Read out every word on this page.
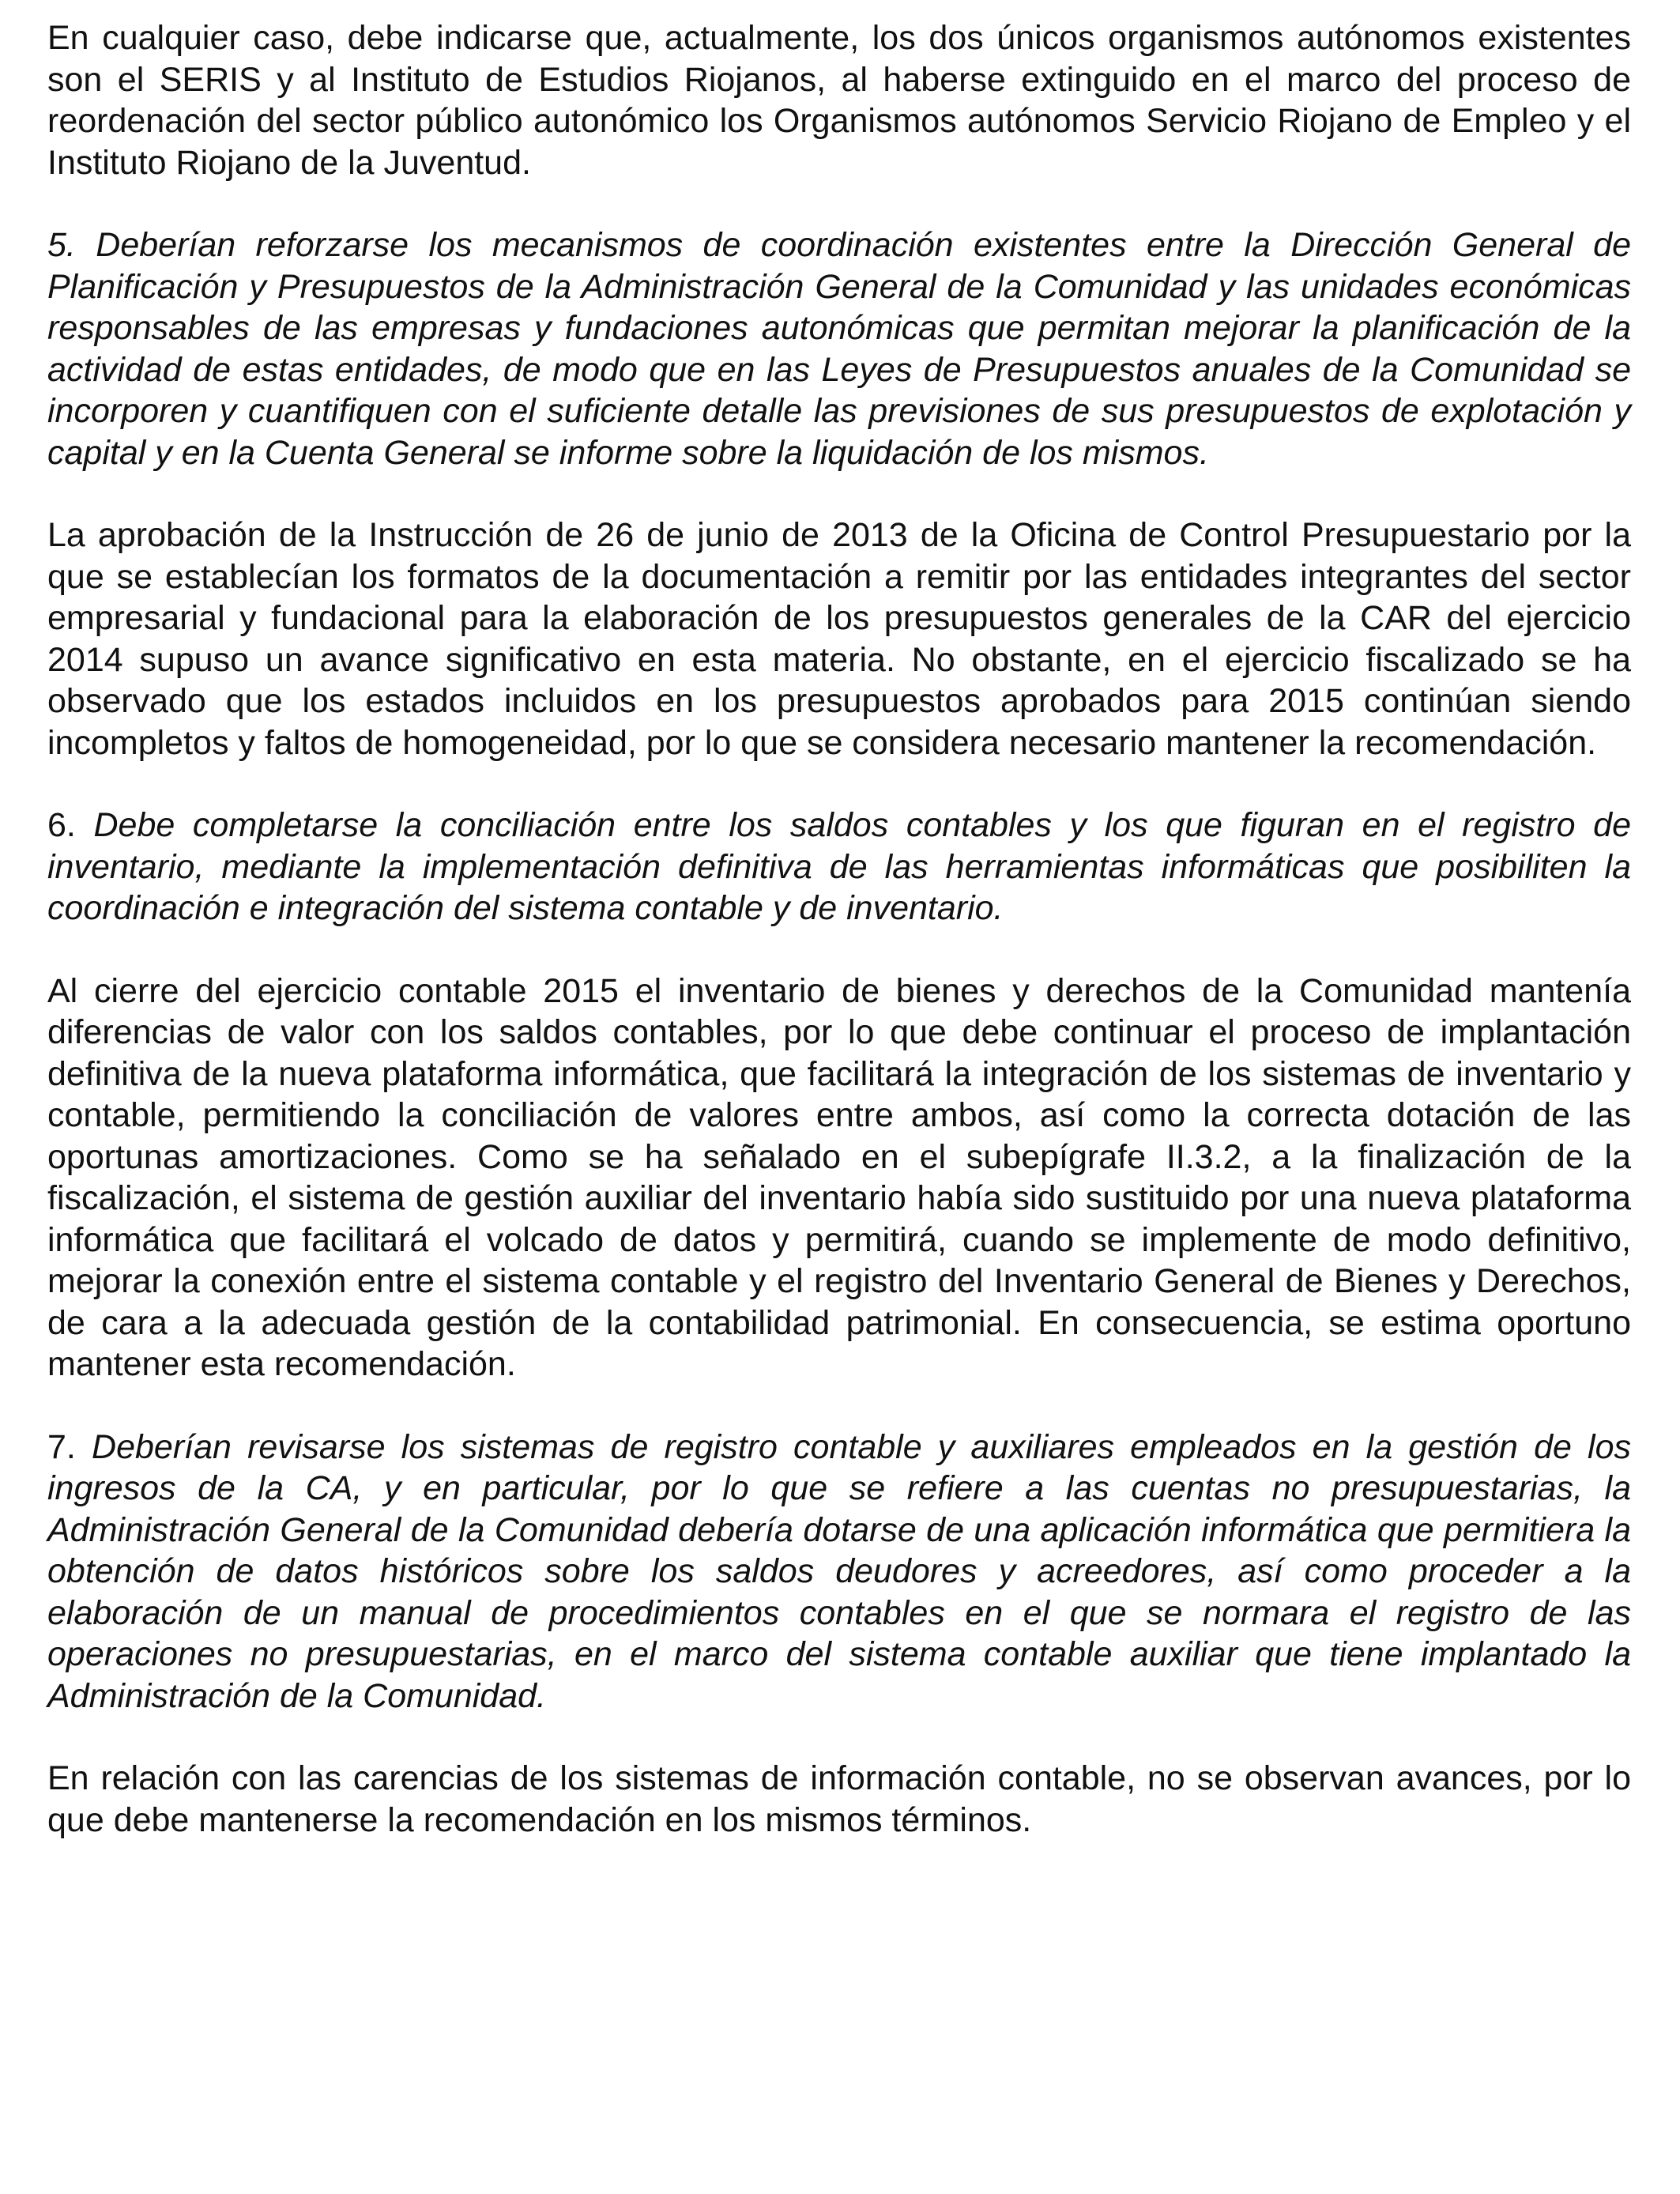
En cualquier caso, debe indicarse que, actualmente, los dos únicos organismos autónomos existentes son el SERIS y al Instituto de Estudios Riojanos, al haberse extinguido en el marco del proceso de reordenación del sector público autonómico los Organismos autónomos Servicio Riojano de Empleo y el Instituto Riojano de la Juventud.

5. Deberían reforzarse los mecanismos de coordinación existentes entre la Dirección General de Planificación y Presupuestos de la Administración General de la Comunidad y las unidades económicas responsables de las empresas y fundaciones autonómicas que permitan mejorar la planificación de la actividad de estas entidades, de modo que en las Leyes de Presupuestos anuales de la Comunidad se incorporen y cuantifiquen con el suficiente detalle las previsiones de sus presupuestos de explotación y capital y en la Cuenta General se informe sobre la liquidación de los mismos.

La aprobación de la Instrucción de 26 de junio de 2013 de la Oficina de Control Presupuestario por la que se establecían los formatos de la documentación a remitir por las entidades integrantes del sector empresarial y fundacional para la elaboración de los presupuestos generales de la CAR del ejercicio 2014 supuso un avance significativo en esta materia. No obstante, en el ejercicio fiscalizado se ha observado que los estados incluidos en los presupuestos aprobados para 2015 continúan siendo incompletos y faltos de homogeneidad, por lo que se considera necesario mantener la recomendación.

6. Debe completarse la conciliación entre los saldos contables y los que figuran en el registro de inventario, mediante la implementación definitiva de las herramientas informáticas que posibiliten la coordinación e integración del sistema contable y de inventario.

Al cierre del ejercicio contable 2015 el inventario de bienes y derechos de la Comunidad mantenía diferencias de valor con los saldos contables, por lo que debe continuar el proceso de implantación definitiva de la nueva plataforma informática, que facilitará la integración de los sistemas de inventario y contable, permitiendo la conciliación de valores entre ambos, así como la correcta dotación de las oportunas amortizaciones. Como se ha señalado en el subepígrafe II.3.2, a la finalización de la fiscalización, el sistema de gestión auxiliar del inventario había sido sustituido por una nueva plataforma informática que facilitará el volcado de datos y permitirá, cuando se implemente de modo definitivo, mejorar la conexión entre el sistema contable y el registro del Inventario General de Bienes y Derechos, de cara a la adecuada gestión de la contabilidad patrimonial. En consecuencia, se estima oportuno mantener esta recomendación.

7. Deberían revisarse los sistemas de registro contable y auxiliares empleados en la gestión de los ingresos de la CA, y en particular, por lo que se refiere a las cuentas no presupuestarias, la Administración General de la Comunidad debería dotarse de una aplicación informática que permitiera la obtención de datos históricos sobre los saldos deudores y acreedores, así como proceder a la elaboración de un manual de procedimientos contables en el que se normara el registro de las operaciones no presupuestarias, en el marco del sistema contable auxiliar que tiene implantado la Administración de la Comunidad.

En relación con las carencias de los sistemas de información contable, no se observan avances, por lo que debe mantenerse la recomendación en los mismos términos.
